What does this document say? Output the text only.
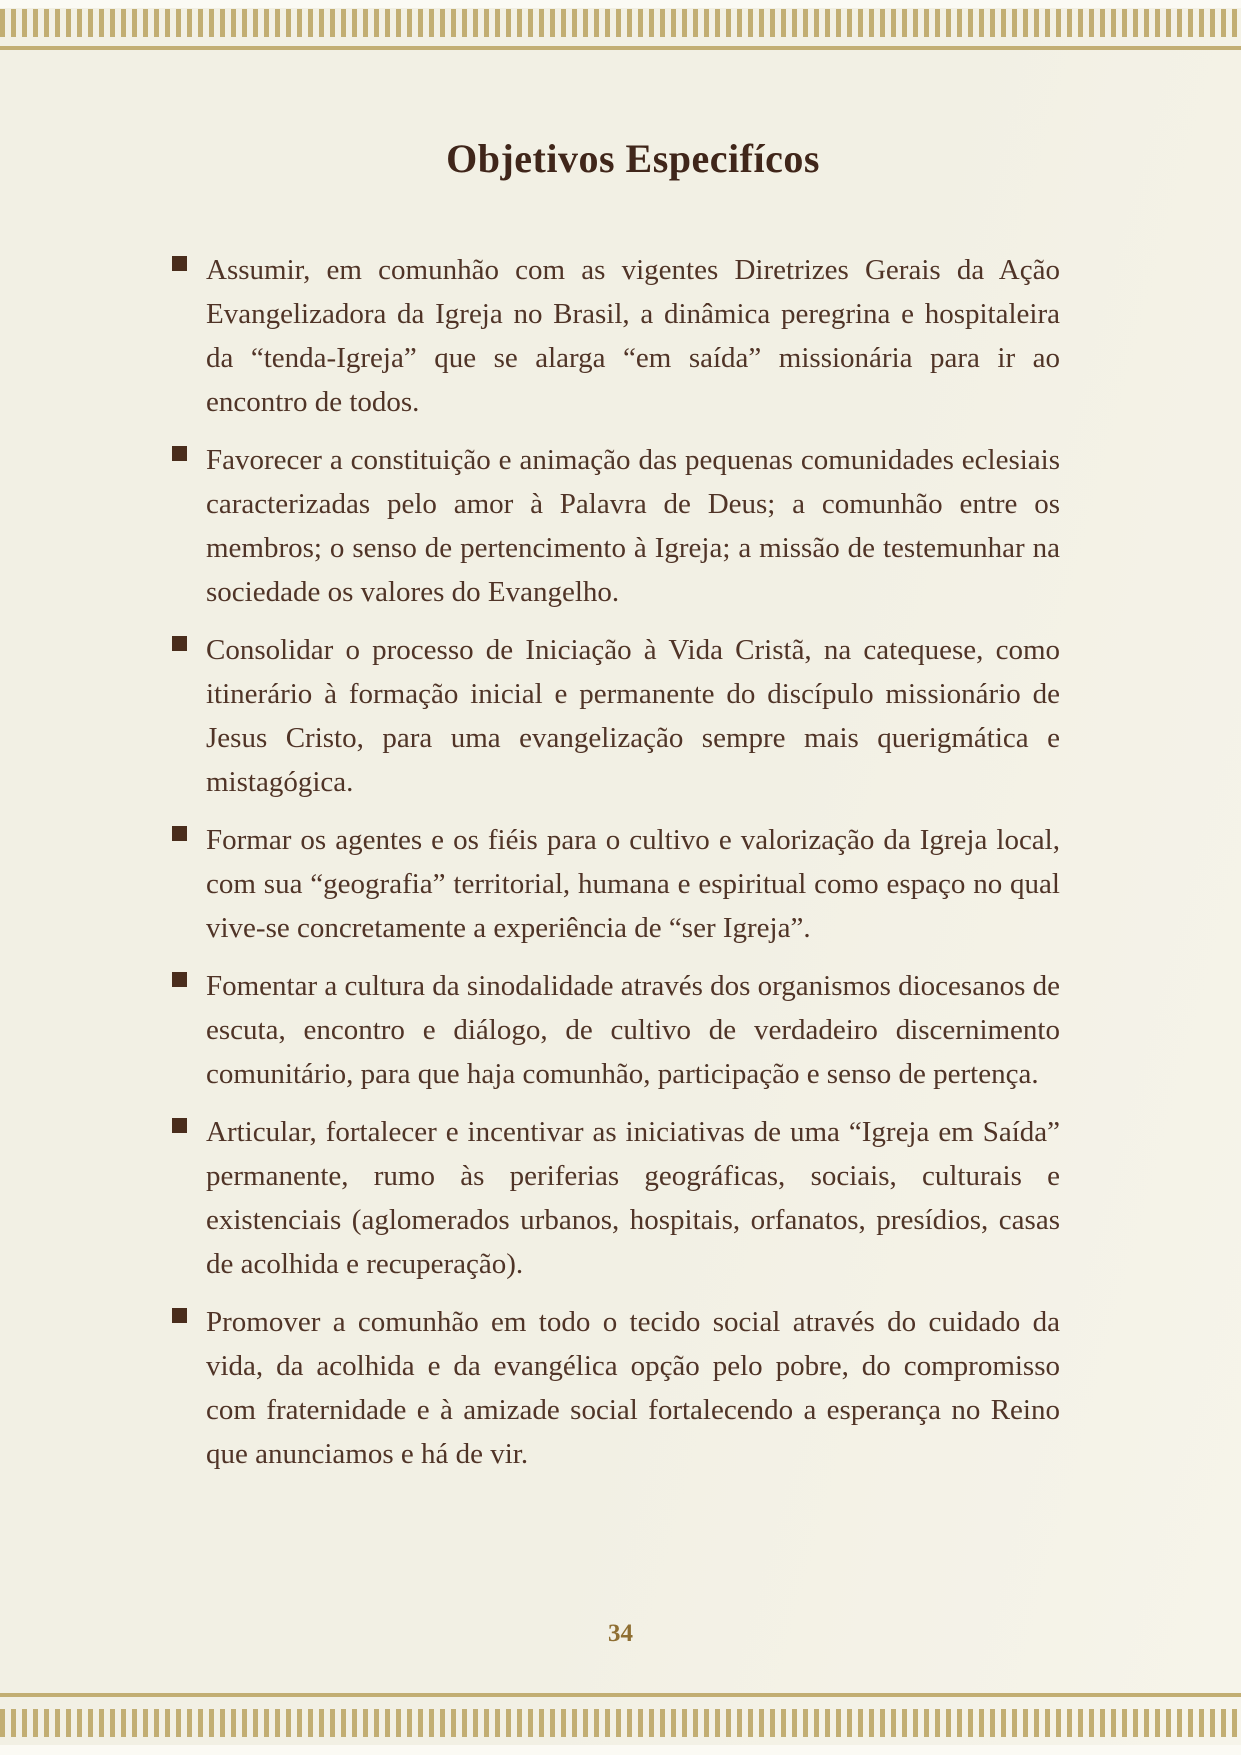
Objetivos Especifícos
Assumir, em comunhão com as vigentes Diretrizes Gerais da Ação Evangelizadora da Igreja no Brasil, a dinâmica peregrina e hospitaleira da “tenda-Igreja” que se alarga “em saída” missionária para ir ao encontro de todos.
Favorecer a constituição e animação das pequenas comunidades eclesiais caracterizadas pelo amor à Palavra de Deus; a comunhão entre os membros; o senso de pertencimento à Igreja; a missão de testemunhar na sociedade os valores do Evangelho.
Consolidar o processo de Iniciação à Vida Cristã, na catequese, como itinerário à formação inicial e permanente do discípulo missionário de Jesus Cristo, para uma evangelização sempre mais querigmática e mistagógica.
Formar os agentes e os fiéis para o cultivo e valorização da Igreja local, com sua “geografia” territorial, humana e espiritual como espaço no qual vive-se concretamente a experiência de “ser Igreja”.
Fomentar a cultura da sinodalidade através dos organismos diocesanos de escuta, encontro e diálogo, de cultivo de verdadeiro discernimento comunitário, para que haja comunhão, participação e senso de pertença.
Articular, fortalecer e incentivar as iniciativas de uma “Igreja em Saída” permanente, rumo às periferias geográficas, sociais, culturais e existenciais (aglomerados urbanos, hospitais, orfanatos, presídios, casas de acolhida e recuperação).
Promover a comunhão em todo o tecido social através do cuidado da vida, da acolhida e da evangélica opção pelo pobre, do compromisso com fraternidade e à amizade social fortalecendo a esperança no Reino que anunciamos e há de vir.
34
